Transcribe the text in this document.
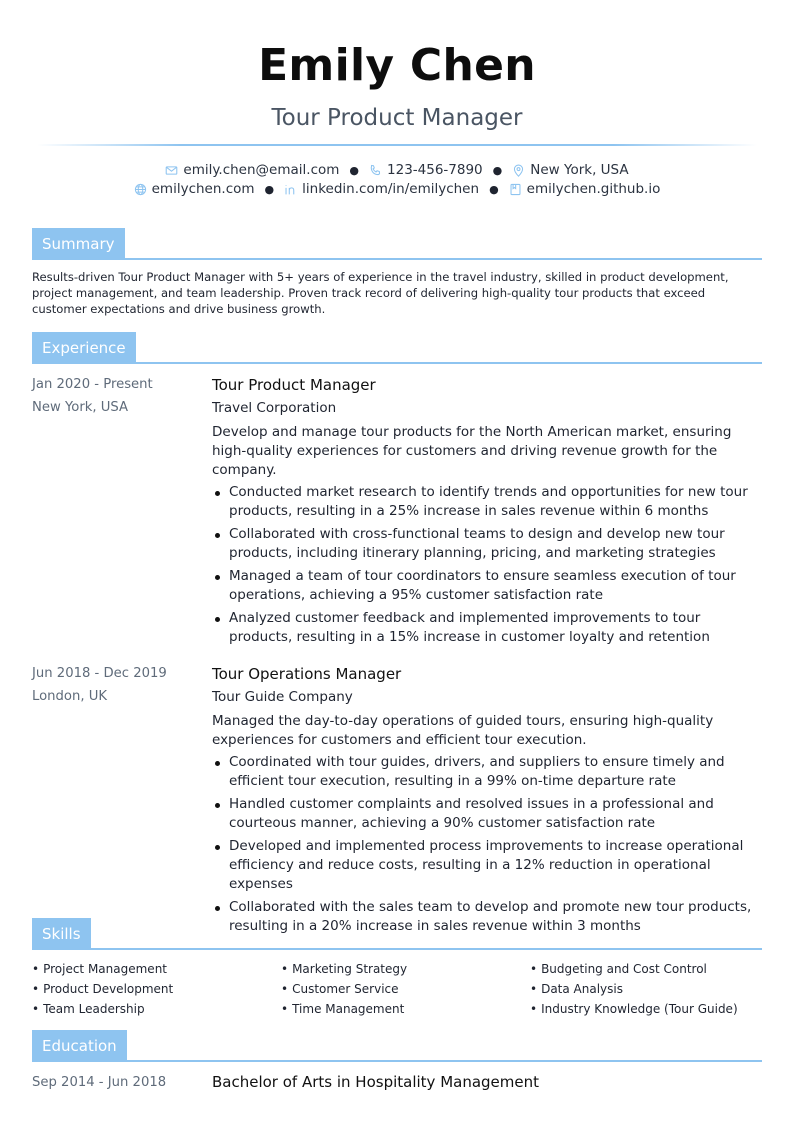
Emily Chen
Tour Product Manager
emily.chen@email.com ● 123-456-7890 ● New York, USA
emilychen.com ● linkedin.com/in/emilychen ● emilychen.github.io
Summary

Results-driven Tour Product Manager with 5+ years of experience in the travel industry, skilled in product development, project management, and team leadership. Proven track record of delivering high-quality tour products that exceed customer expectations and drive business growth.

Experience
Jan 2020 - Present
New York, USA
Tour Product Manager
Travel Corporation
Develop and manage tour products for the North American market, ensuring high-quality experiences for customers and driving revenue growth for the company.
Conducted market research to identify trends and opportunities for new tour products, resulting in a 25% increase in sales revenue within 6 months
Collaborated with cross-functional teams to design and develop new tour products, including itinerary planning, pricing, and marketing strategies
Managed a team of tour coordinators to ensure seamless execution of tour operations, achieving a 95% customer satisfaction rate
Analyzed customer feedback and implemented improvements to tour products, resulting in a 15% increase in customer loyalty and retention
Jun 2018 - Dec 2019
London, UK
Tour Operations Manager
Tour Guide Company
Managed the day-to-day operations of guided tours, ensuring high-quality experiences for customers and efficient tour execution.
Coordinated with tour guides, drivers, and suppliers to ensure timely and efficient tour execution, resulting in a 99% on-time departure rate
Handled customer complaints and resolved issues in a professional and courteous manner, achieving a 90% customer satisfaction rate
Developed and implemented process improvements to increase operational efficiency and reduce costs, resulting in a 12% reduction in operational expenses
Collaborated with the sales team to develop and promote new tour products, resulting in a 20% increase in sales revenue within 3 months
Skills
• Project Management	• Marketing Strategy	• Budgeting and Cost Control
• Product Development	• Customer Service	• Data Analysis
• Team Leadership	• Time Management	• Industry Knowledge (Tour Guide)
Education
Sep 2014 - Jun 2018	Bachelor of Arts in Hospitality Management
